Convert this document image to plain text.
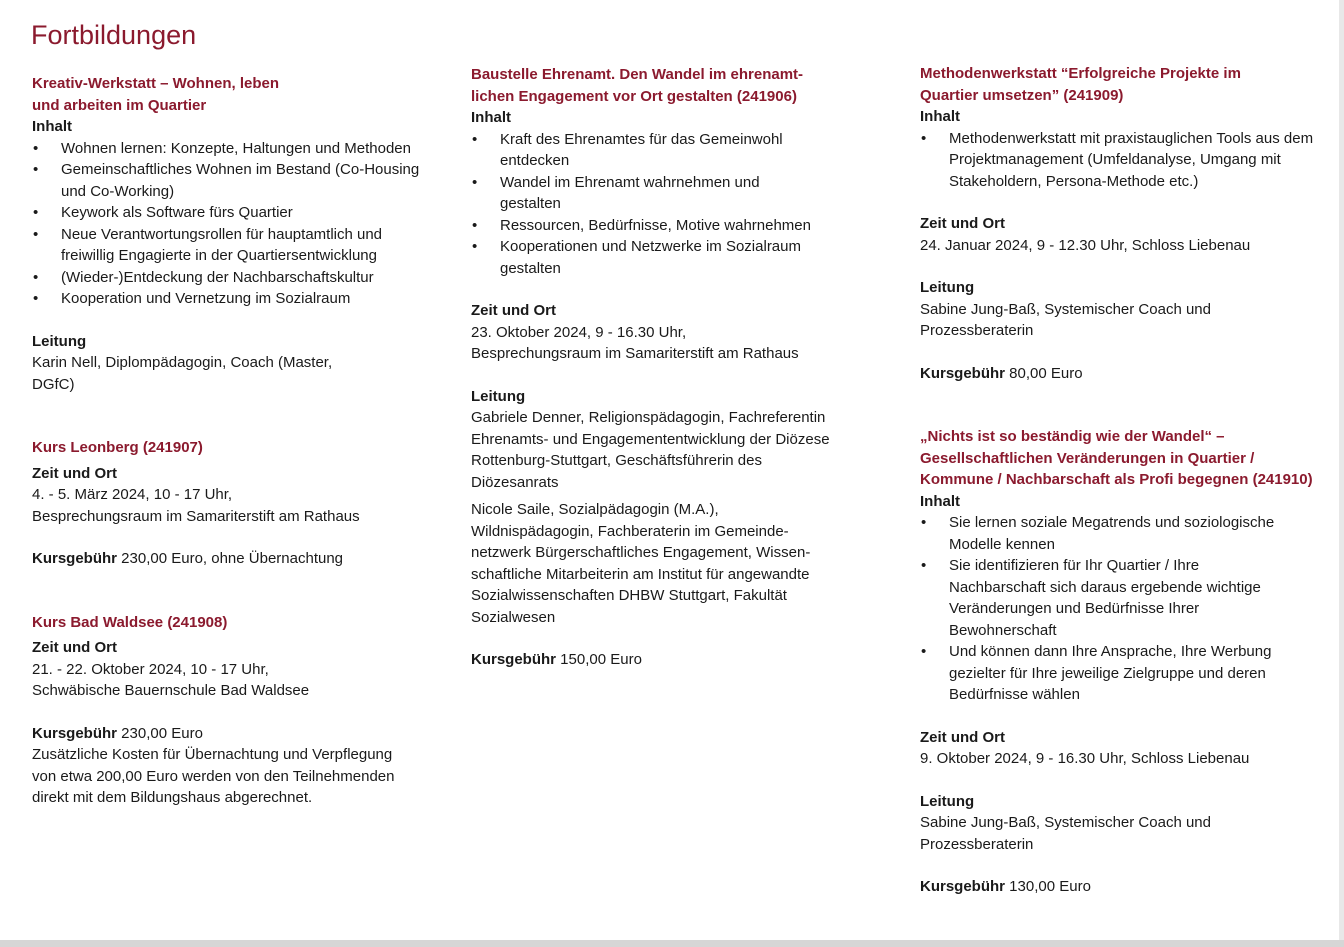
Fortbildungen
Kreativ-Werkstatt – Wohnen, leben
und arbeiten im Quartier
Inhalt
• Wohnen lernen: Konzepte, Haltungen und Methoden
• Gemeinschaftliches Wohnen im Bestand (Co-Housing und Co-Working)
• Keywork als Software fürs Quartier
• Neue Verantwortungsrollen für hauptamtlich und freiwillig Engagierte in der Quartiersentwicklung
• (Wieder-)Entdeckung der Nachbarschaftskultur
• Kooperation und Vernetzung im Sozialraum
Leitung
Karin Nell, Diplompädagogin, Coach (Master, DGfC)
Kurs Leonberg (241907)
Zeit und Ort
4. - 5. März 2024, 10 - 17 Uhr,
Besprechungsraum im Samariterstift am Rathaus
Kursgebühr 230,00 Euro, ohne Übernachtung
Kurs Bad Waldsee (241908)
Zeit und Ort
21. - 22. Oktober 2024, 10 - 17 Uhr,
Schwäbische Bauernschule Bad Waldsee
Kursgebühr 230,00 Euro
Zusätzliche Kosten für Übernachtung und Verpflegung von etwa 200,00 Euro werden von den Teilnehmenden direkt mit dem Bildungshaus abgerechnet.
Baustelle Ehrenamt. Den Wandel im ehrenamt-lichen Engagement vor Ort gestalten (241906)
Inhalt
• Kraft des Ehrenamtes für das Gemeinwohl entdecken
• Wandel im Ehrenamt wahrnehmen und gestalten
• Ressourcen, Bedürfnisse, Motive wahrnehmen
• Kooperationen und Netzwerke im Sozialraum gestalten
Zeit und Ort
23. Oktober 2024, 9 - 16.30 Uhr,
Besprechungsraum im Samariterstift am Rathaus
Leitung
Gabriele Denner, Religionspädagogin, Fachreferentin Ehrenamts- und Engagemententwicklung der Diözese Rottenburg-Stuttgart, Geschäftsführerin des Diözesanrats
Nicole Saile, Sozialpädagogin (M.A.), Wildnispädagogin, Fachberaterin im Gemeinde-netzwerk Bürgerschaftliches Engagement, Wissen-schaftliche Mitarbeiterin am Institut für angewandte Sozialwissenschaften DHBW Stuttgart, Fakultät Sozialwesen
Kursgebühr 150,00 Euro
Methodenwerkstatt “Erfolgreiche Projekte im Quartier umsetzen” (241909)
Inhalt
• Methodenwerkstatt mit praxistauglichen Tools aus dem Projektmanagement (Umfeldanalyse, Umgang mit Stakeholdern, Persona-Methode etc.)
Zeit und Ort
24. Januar 2024, 9 - 12.30 Uhr, Schloss Liebenau
Leitung
Sabine Jung-Baß, Systemischer Coach und Prozessberaterin
Kursgebühr 80,00 Euro
„Nichts ist so beständig wie der Wandel“ – Gesellschaftlichen Veränderungen in Quartier / Kommune / Nachbarschaft als Profi begegnen (241910)
Inhalt
• Sie lernen soziale Megatrends und soziologische Modelle kennen
• Sie identifizieren für Ihr Quartier / Ihre Nachbarschaft sich daraus ergebende wichtige Veränderungen und Bedürfnisse Ihrer Bewohnerschaft
• Und können dann Ihre Ansprache, Ihre Werbung gezielter für Ihre jeweilige Zielgruppe und deren Bedürfnisse wählen
Zeit und Ort
9. Oktober 2024, 9 - 16.30 Uhr, Schloss Liebenau
Leitung
Sabine Jung-Baß, Systemischer Coach und Prozessberaterin
Kursgebühr 130,00 Euro
